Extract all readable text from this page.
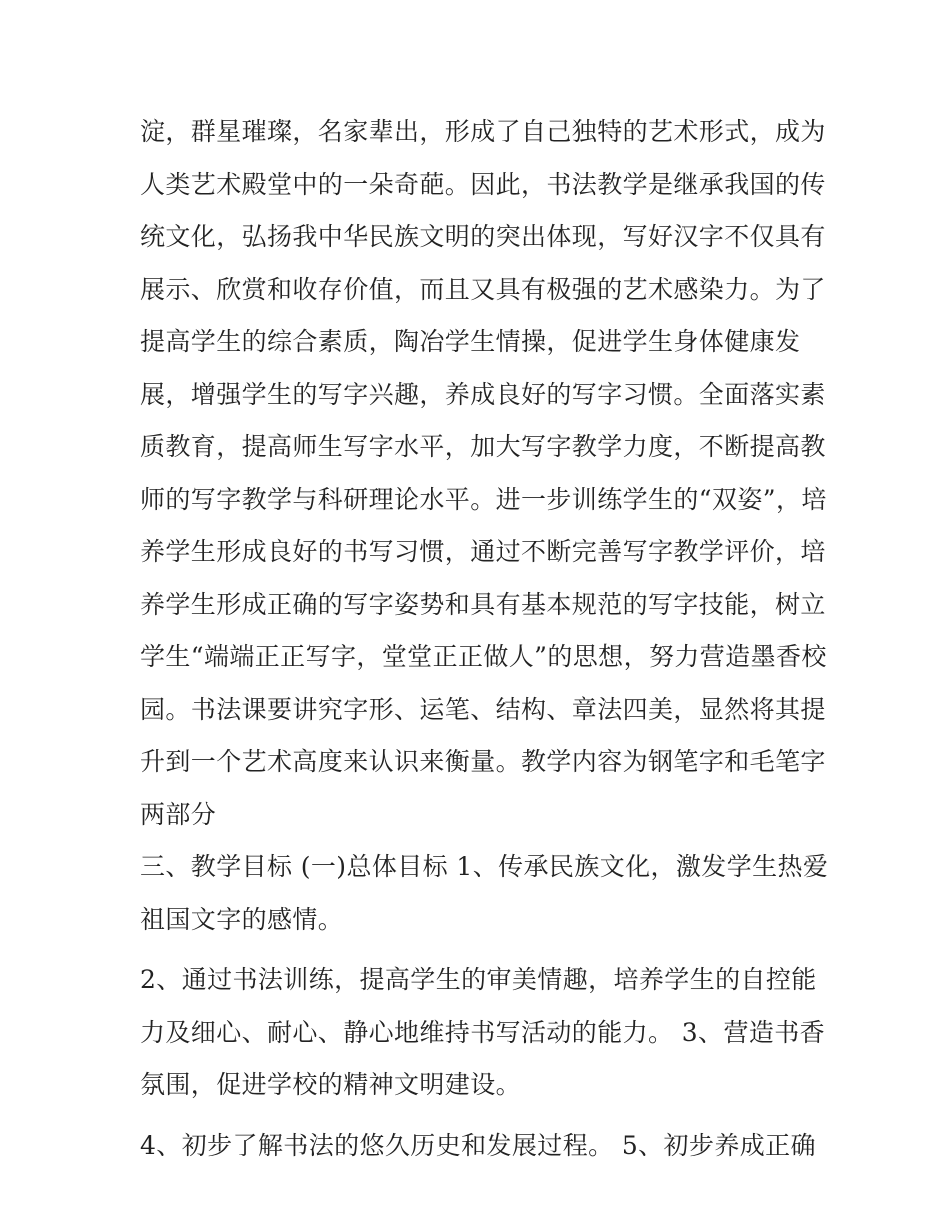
淀，群星璀璨，名家辈出，形成了自己独特的艺术形式，成为
人类艺术殿堂中的一朵奇葩。因此，书法教学是继承我国的传
统文化，弘扬我中华民族文明的突出体现，写好汉字不仅具有
展示、欣赏和收存价值，而且又具有极强的艺术感染力。为了
提高学生的综合素质，陶冶学生情操，促进学生身体健康发
展，增强学生的写字兴趣，养成良好的写字习惯。全面落实素
质教育，提高师生写字水平，加大写字教学力度，不断提高教
师的写字教学与科研理论水平。进一步训练学生的“双姿”，培
养学生形成良好的书写习惯，通过不断完善写字教学评价，培
养学生形成正确的写字姿势和具有基本规范的写字技能，树立
学生“端端正正写字，堂堂正正做人”的思想，努力营造墨香校
园。书法课要讲究字形、运笔、结构、章法四美，显然将其提
升到一个艺术高度来认识来衡量。教学内容为钢笔字和毛笔字
两部分
三、教学目标 (一)总体目标 1、传承民族文化，激发学生热爱
祖国文字的感情。
2、通过书法训练，提高学生的审美情趣，培养学生的自控能
力及细心、耐心、静心地维持书写活动的能力。 3、营造书香
氛围，促进学校的精神文明建设。
4、初步了解书法的悠久历史和发展过程。 5、初步养成正确
